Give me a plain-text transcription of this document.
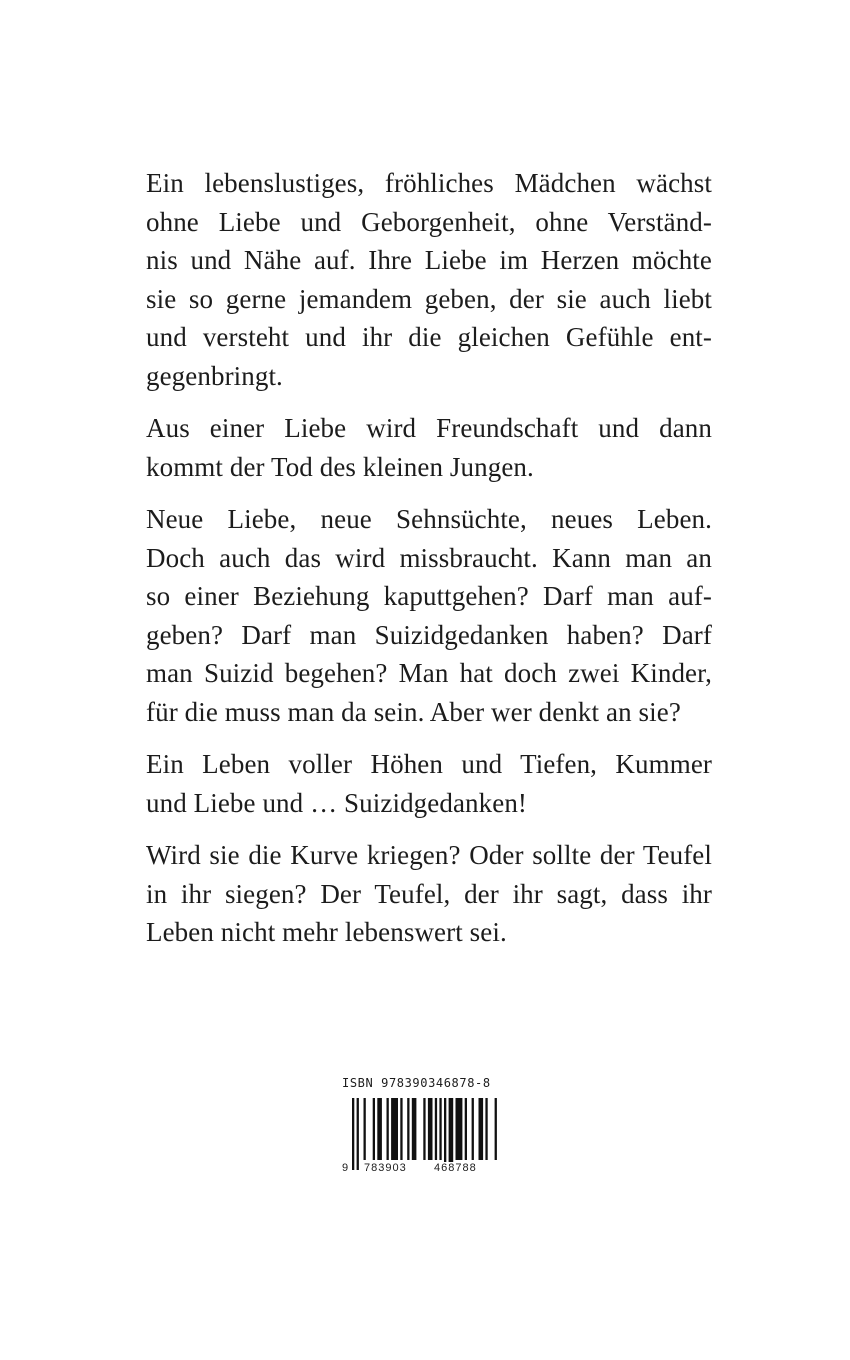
Ein lebenslustiges, fröhliches Mädchen wächst
ohne Liebe und Geborgenheit, ohne Verständ-
nis und Nähe auf. Ihre Liebe im Herzen möchte
sie so gerne jemandem geben, der sie auch liebt
und versteht und ihr die gleichen Gefühle ent-
gegenbringt.
Aus einer Liebe wird Freundschaft und dann
kommt der Tod des kleinen Jungen.
Neue Liebe, neue Sehnsüchte, neues Leben.
Doch auch das wird missbraucht. Kann man an
so einer Beziehung kaputtgehen? Darf man auf-
geben? Darf man Suizidgedanken haben? Darf
man Suizid begehen? Man hat doch zwei Kinder,
für die muss man da sein. Aber wer denkt an sie?
Ein Leben voller Höhen und Tiefen, Kummer
und Liebe und … Suizidgedanken!
Wird sie die Kurve kriegen? Oder sollte der Teufel
in ihr siegen? Der Teufel, der ihr sagt, dass ihr
Leben nicht mehr lebenswert sei.
ISBN 978390346878-8
9 783903 468788
